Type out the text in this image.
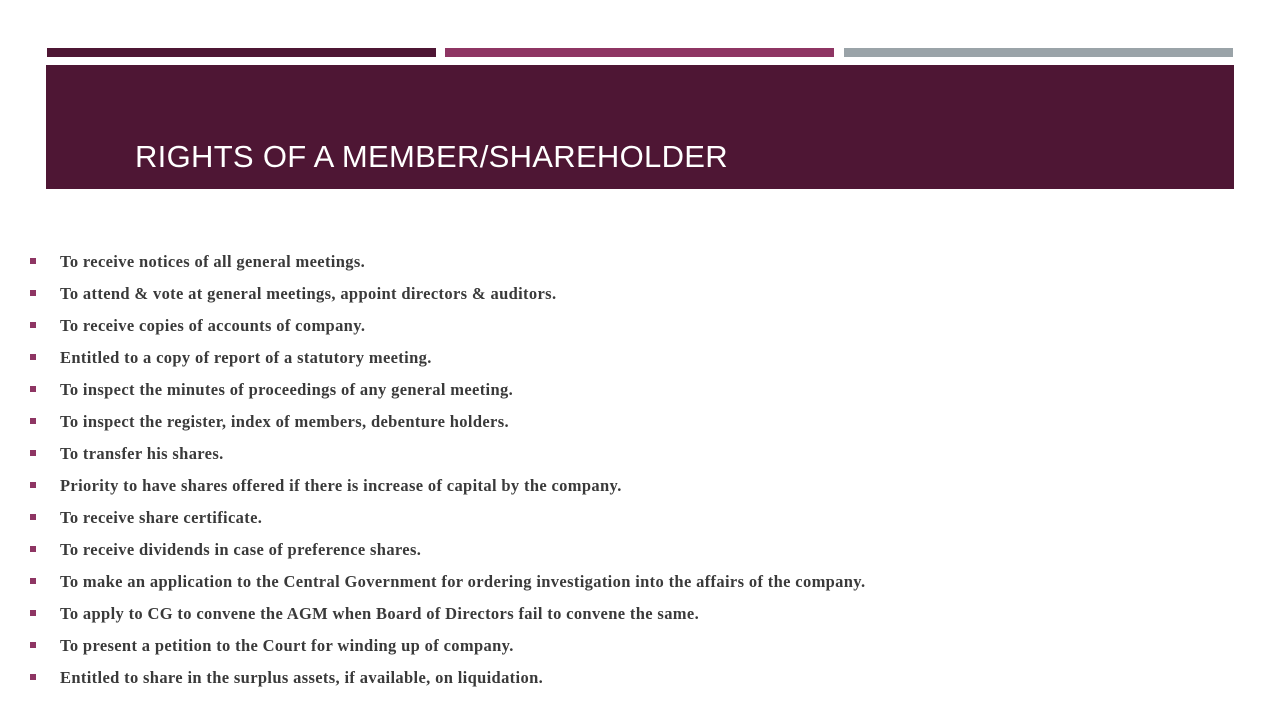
RIGHTS OF A MEMBER/SHAREHOLDER
To receive notices of all general meetings.
To attend & vote at general meetings, appoint directors & auditors.
To receive copies of accounts of company.
Entitled to a copy of report of a statutory meeting.
To inspect the minutes of proceedings of any general meeting.
To inspect the register, index of members, debenture holders.
To transfer his shares.
Priority to have shares offered if there is increase of capital by the company.
To receive share certificate.
To receive dividends in case of preference shares.
To make an application to the Central Government for ordering investigation into the affairs of the company.
To apply to CG to convene the AGM when Board of Directors fail to convene the same.
To present a petition to the Court for winding up of company.
Entitled to share in the surplus assets, if available, on liquidation.
